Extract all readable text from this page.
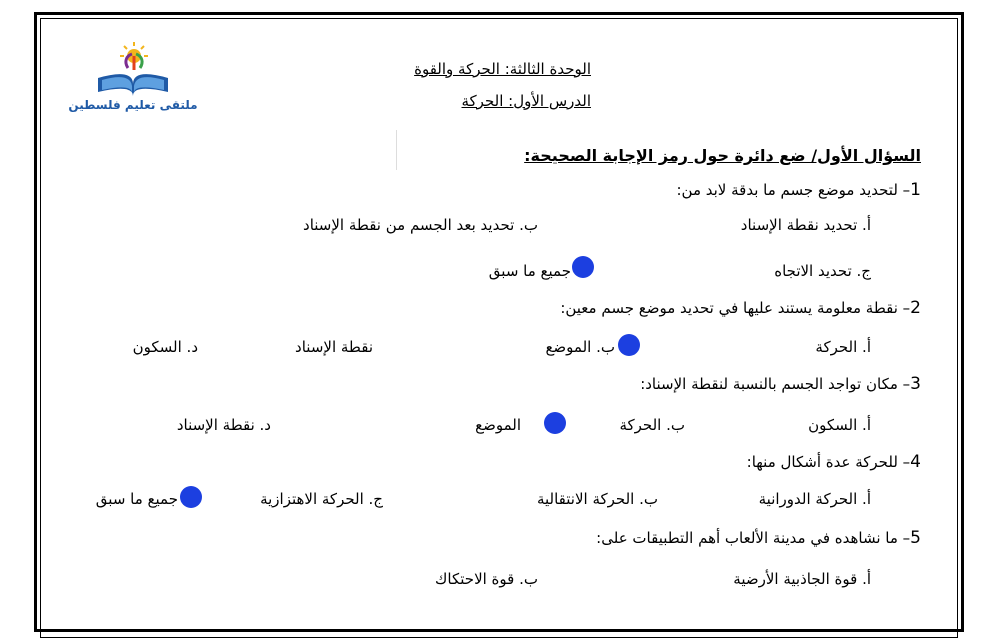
ملتقى تعليم فلسطين
الوحدة الثالثة: الحركة والقوة
الدرس الأول: الحركة
السؤال الأول/ ضع دائرة حول رمز الإجابة الصحيحة:
1– لتحديد موضع جسم ما بدقة لابد من:
أ. تحديد نقطة الإسناد
ب. تحديد بعد الجسم من نقطة الإسناد
ج. تحديد الاتجاه
جميع ما سبق
2– نقطة معلومة يستند عليها في تحديد موضع جسم معين:
أ. الحركة
ب. الموضع
نقطة الإسناد
د. السكون
3– مكان تواجد الجسم بالنسبة لنقطة الإسناد:
أ. السكون
ب. الحركة
الموضع
د. نقطة الإسناد
4– للحركة عدة أشكال منها:
أ. الحركة الدورانية
ب. الحركة الانتقالية
ج. الحركة الاهتزازية
جميع ما سبق
5– ما نشاهده في مدينة الألعاب أهم التطبيقات على:
أ. قوة الجاذبية الأرضية
ب. قوة الاحتكاك
